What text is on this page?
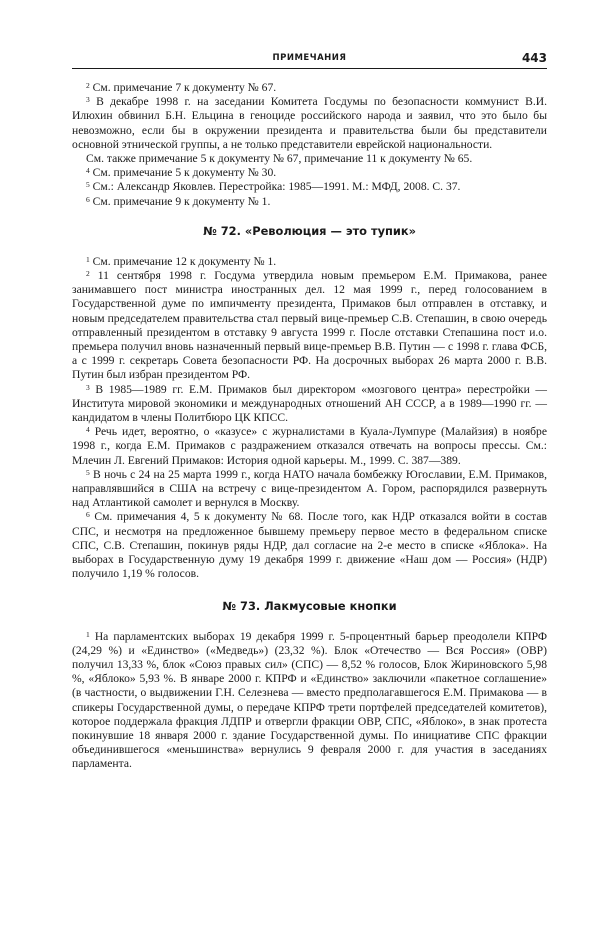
ПРИМЕЧАНИЯ	443

$^2$ См. примечание 7 к документу № 67.

$^3$ В декабре 1998 г. на заседании Комитета Госдумы по безопасности коммунист В.И. Илюхин обвинил Б.Н. Ельцина в геноциде российского народа и заявил, что это было бы невозможно, если бы в окружении президента и правительства были бы представители основной этнической группы, а не только представители еврейской национальности.

См. также примечание 5 к документу № 67, примечание 11 к документу № 65.

$^4$ См. примечание 5 к документу № 30.

$^5$ См.: Александр Яковлев. Перестройка: 1985—1991. М.: МФД, 2008. С. 37.

$^6$ См. примечание 9 к документу № 1.

№ 72. «Революция — это тупик»

$^1$ См. примечание 12 к документу № 1.

$^2$ 11 сентября 1998 г. Госдума утвердила новым премьером Е.М. Примакова, ранее занимавшего пост министра иностранных дел. 12 мая 1999 г., перед голосованием в Государственной думе по импичменту президента, Примаков был отправлен в отставку, и новым председателем правительства стал первый вице-премьер С.В. Степашин, в свою очередь отправленный президентом в отставку 9 августа 1999 г. После отставки Степашина пост и.о. премьера получил вновь назначенный первый вице-премьер В.В. Путин — с 1998 г. глава ФСБ, а с 1999 г. секретарь Совета безопасности РФ. На досрочных выборах 26 марта 2000 г. В.В. Путин был избран президентом РФ.

$^3$ В 1985—1989 гг. Е.М. Примаков был директором «мозгового центра» перестройки — Института мировой экономики и международных отношений АН СССР, а в 1989—1990 гг. — кандидатом в члены Политбюро ЦК КПСС.

$^4$ Речь идет, вероятно, о «казусе» с журналистами в Куала-Лумпуре (Малайзия) в ноябре 1998 г., когда Е.М. Примаков с раздражением отказался отвечать на вопросы прессы. См.: Млечин Л. Евгений Примаков: История одной карьеры. М., 1999. С. 387—389.

$^5$ В ночь с 24 на 25 марта 1999 г., когда НАТО начала бомбежку Югославии, Е.М. Примаков, направлявшийся в США на встречу с вице-президентом А. Гором, распорядился развернуть над Атлантикой самолет и вернулся в Москву.

$^6$ См. примечания 4, 5 к документу № 68. После того, как НДР отказался войти в состав СПС, и несмотря на предложенное бывшему премьеру первое место в федеральном списке СПС, С.В. Степашин, покинув ряды НДР, дал согласие на 2-е место в списке «Яблока». На выборах в Государственную думу 19 декабря 1999 г. движение «Наш дом — Россия» (НДР) получило 1,19 % голосов.

№ 73. Лакмусовые кнопки

$^1$ На парламентских выборах 19 декабря 1999 г. 5-процентный барьер преодолели КПРФ (24,29 %) и «Единство» («Медведь») (23,32 %). Блок «Отечество — Вся Россия» (ОВР) получил 13,33 %, блок «Союз правых сил» (СПС) — 8,52 % голосов, Блок Жириновского 5,98 %, «Яблоко» 5,93 %. В январе 2000 г. КПРФ и «Единство» заключили «пакетное соглашение» (в частности, о выдвижении Г.Н. Селезнева — вместо предполагавшегося Е.М. Примакова — в спикеры Государственной думы, о передаче КПРФ трети портфелей председателей комитетов), которое поддержала фракция ЛДПР и отвергли фракции ОВР, СПС, «Яблоко», в знак протеста покинувшие 18 января 2000 г. здание Государственной думы. По инициативе СПС фракции объединившегося «меньшинства» вернулись 9 февраля 2000 г. для участия в заседаниях парламента.
